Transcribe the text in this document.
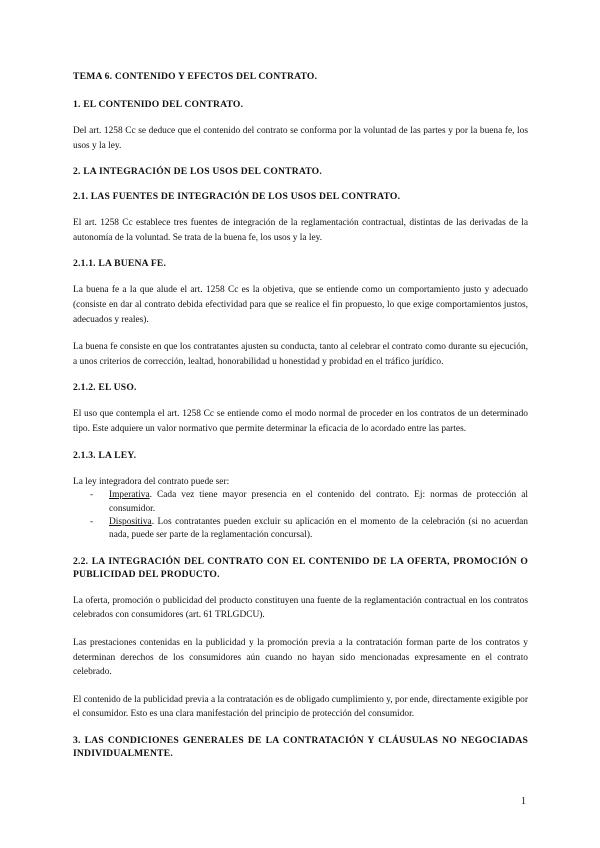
TEMA 6. CONTENIDO Y EFECTOS DEL CONTRATO.

1. EL CONTENIDO DEL CONTRATO.

Del art. 1258 Cc se deduce que el contenido del contrato se conforma por la voluntad de las partes y por la buena fe, los usos y la ley.

2. LA INTEGRACIÓN DE LOS USOS DEL CONTRATO.

2.1. LAS FUENTES DE INTEGRACIÓN DE LOS USOS DEL CONTRATO.

El art. 1258 Cc establece tres fuentes de integración de la reglamentación contractual, distintas de las derivadas de la autonomía de la voluntad. Se trata de la buena fe, los usos y la ley.

2.1.1. LA BUENA FE.

La buena fe a la que alude el art. 1258 Cc es la objetiva, que se entiende como un comportamiento justo y adecuado (consiste en dar al contrato debida efectividad para que se realice el fin propuesto, lo que exige comportamientos justos, adecuados y reales).

La buena fe consiste en que los contratantes ajusten su conducta, tanto al celebrar el contrato como durante su ejecución, a unos criterios de corrección, lealtad, honorabilidad u honestidad y probidad en el tráfico jurídico.

2.1.2. EL USO.

El uso que contempla el art. 1258 Cc se entiende como el modo normal de proceder en los contratos de un determinado tipo. Este adquiere un valor normativo que permite determinar la eficacia de lo acordado entre las partes.

2.1.3. LA LEY.

La ley integradora del contrato puede ser:

- Imperativa. Cada vez tiene mayor presencia en el contenido del contrato. Ej: normas de protección al consumidor.
- Dispositiva. Los contratantes pueden excluir su aplicación en el momento de la celebración (si no acuerdan nada, puede ser parte de la reglamentación concursal).

2.2. LA INTEGRACIÓN DEL CONTRATO CON EL CONTENIDO DE LA OFERTA, PROMOCIÓN O PUBLICIDAD DEL PRODUCTO.

La oferta, promoción o publicidad del producto constituyen una fuente de la reglamentación contractual en los contratos celebrados con consumidores (art. 61 TRLGDCU).

Las prestaciones contenidas en la publicidad y la promoción previa a la contratación forman parte de los contratos y determinan derechos de los consumidores aún cuando no hayan sido mencionadas expresamente en el contrato celebrado.

El contenido de la publicidad previa a la contratación es de obligado cumplimiento y, por ende, directamente exigible por el consumidor. Esto es una clara manifestación del principio de protección del consumidor.

3. LAS CONDICIONES GENERALES DE LA CONTRATACIÓN Y CLÁUSULAS NO NEGOCIADAS INDIVIDUALMENTE.

1
